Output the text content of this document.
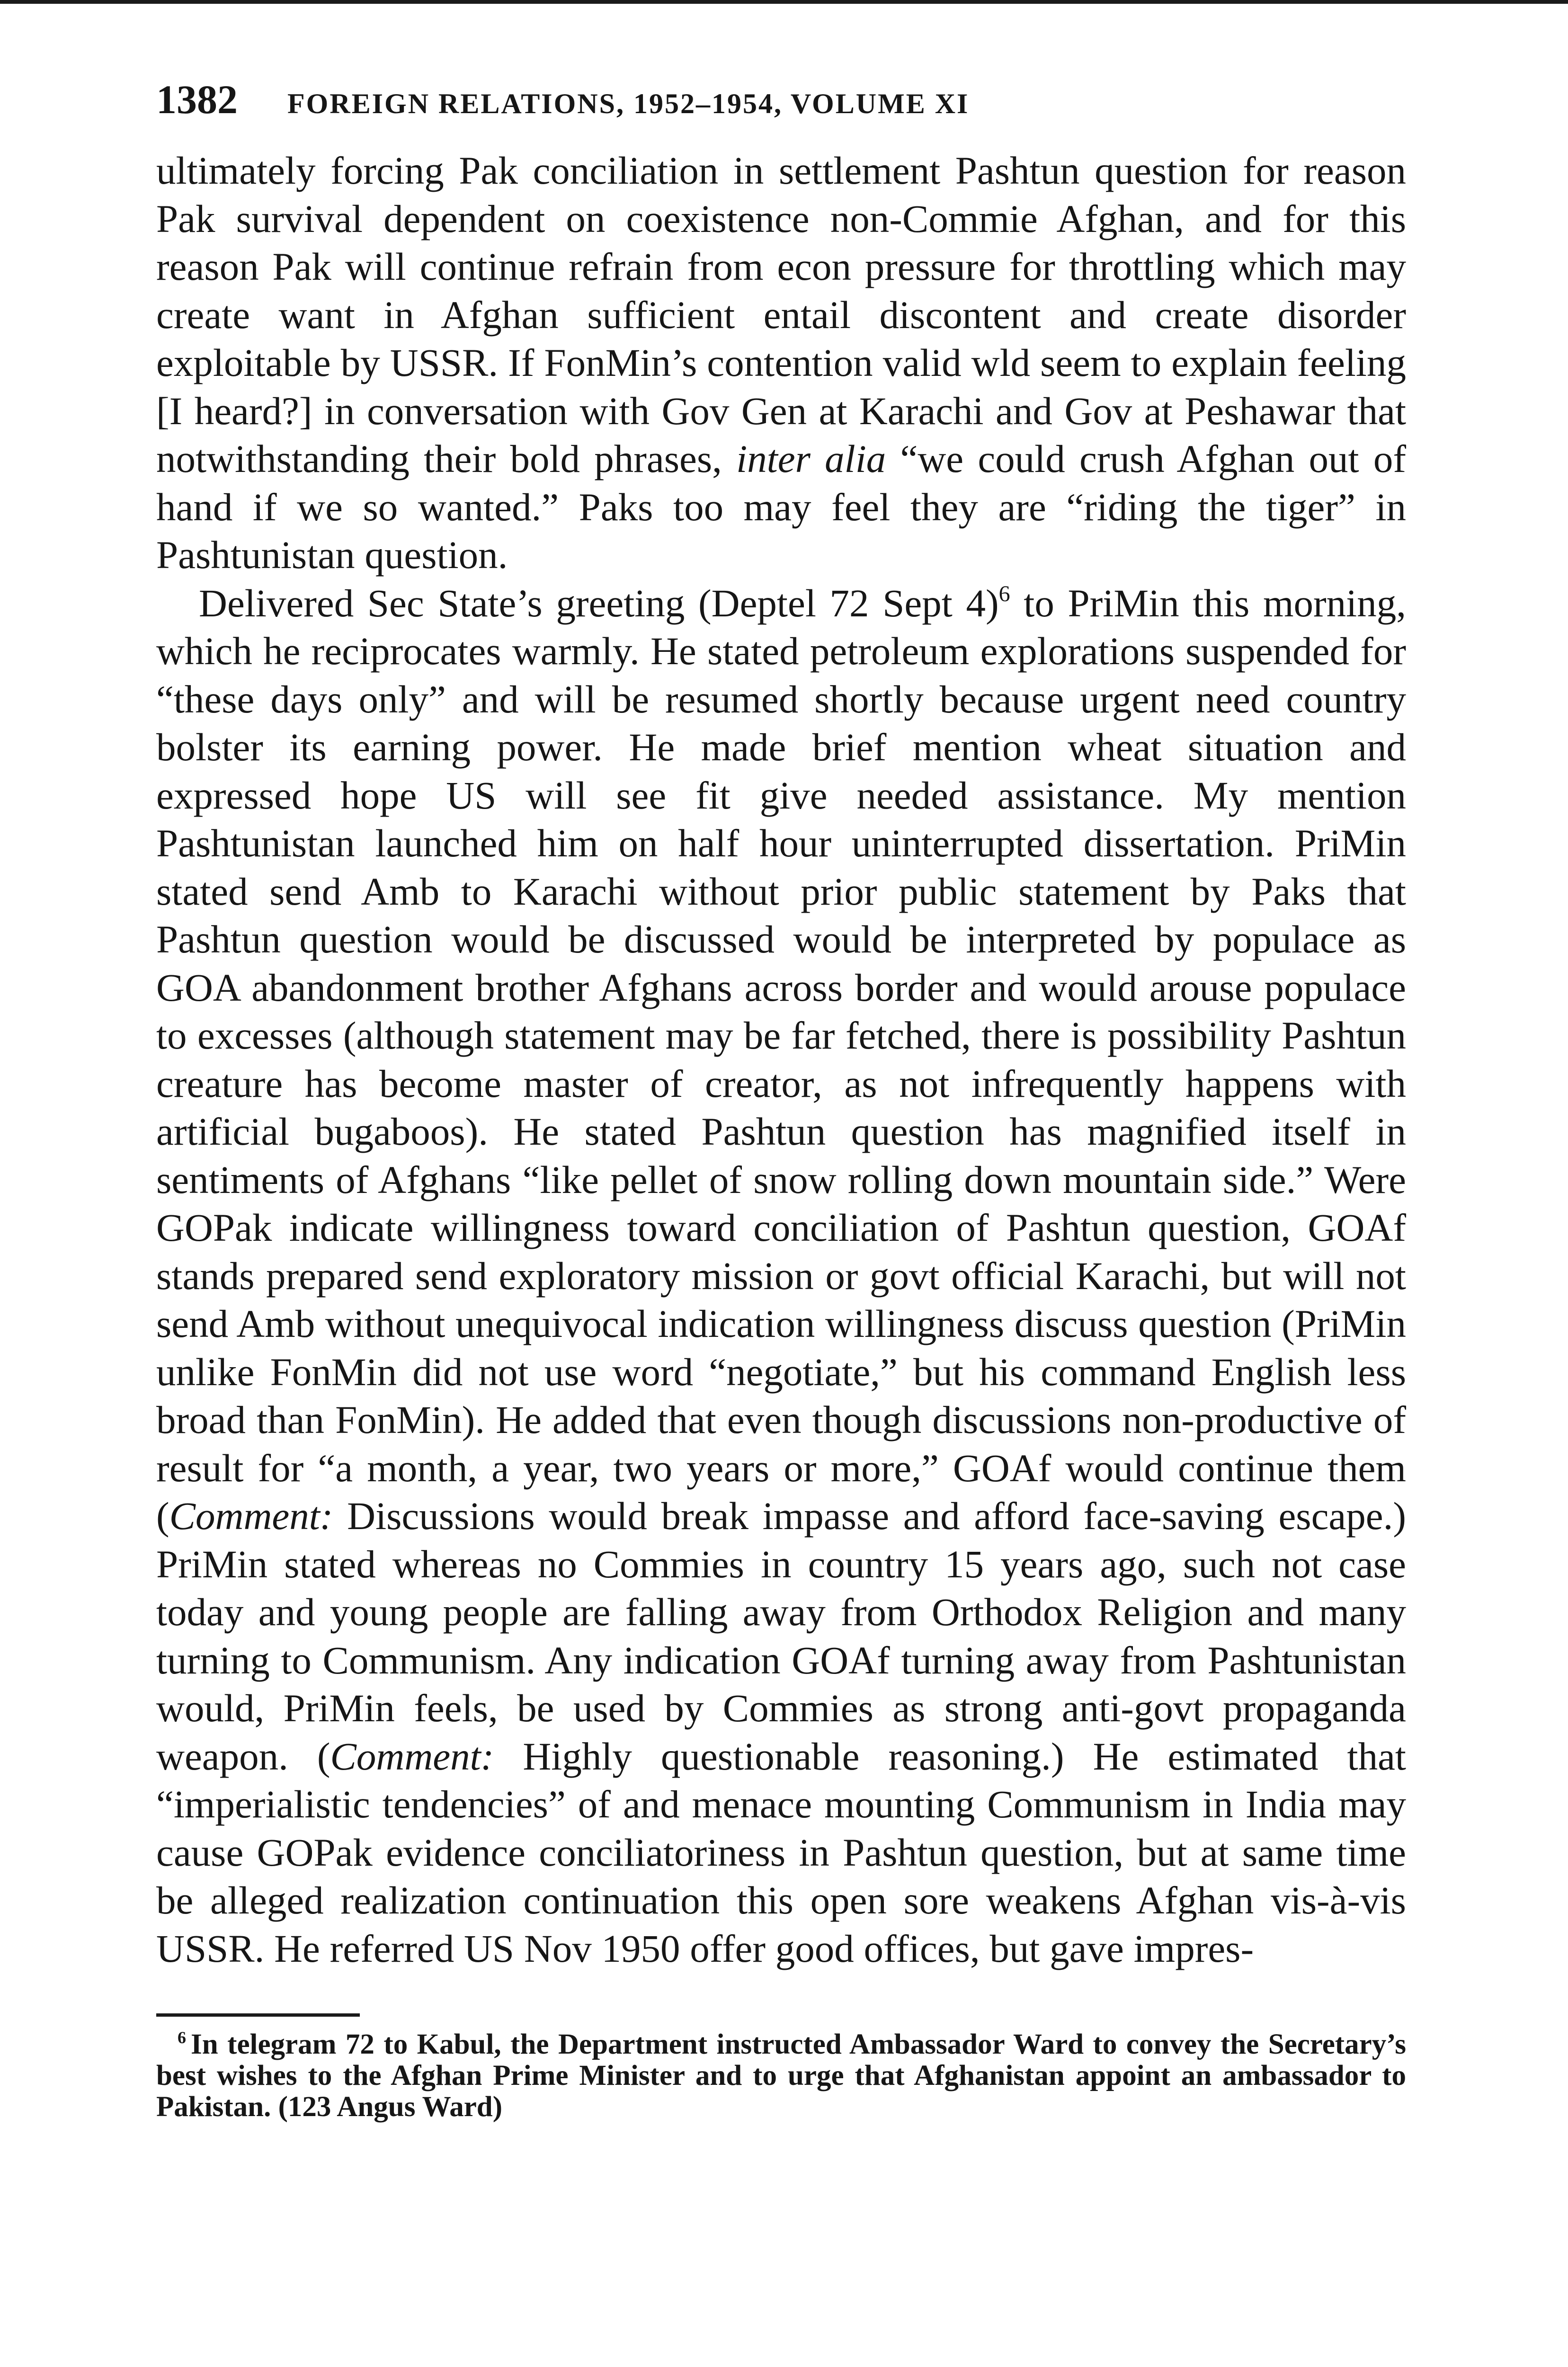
1382 FOREIGN RELATIONS, 1952–1954, VOLUME XI

ultimately forcing Pak conciliation in settlement Pashtun question for reason Pak survival dependent on coexistence non-Commie Afghan, and for this reason Pak will continue refrain from econ pressure for throttling which may create want in Afghan sufficient entail discontent and create disorder exploitable by USSR. If FonMin’s contention valid wld seem to explain feeling [I heard?] in conversation with Gov Gen at Karachi and Gov at Peshawar that notwithstanding their bold phrases, inter alia “we could crush Afghan out of hand if we so wanted.” Paks too may feel they are “riding the tiger” in Pashtunistan question.

Delivered Sec State’s greeting (Deptel 72 Sept 4)$^6$ to PriMin this morning, which he reciprocates warmly. He stated petroleum explorations suspended for “these days only” and will be resumed shortly because urgent need country bolster its earning power. He made brief mention wheat situation and expressed hope US will see fit give needed assistance. My mention Pashtunistan launched him on half hour uninterrupted dissertation. PriMin stated send Amb to Karachi without prior public statement by Paks that Pashtun question would be discussed would be interpreted by populace as GOA abandonment brother Afghans across border and would arouse populace to excesses (although statement may be far fetched, there is possibility Pashtun creature has become master of creator, as not infrequently happens with artificial bugaboos). He stated Pashtun question has magnified itself in sentiments of Afghans “like pellet of snow rolling down mountain side.” Were GOPak indicate willingness toward conciliation of Pashtun question, GOAf stands prepared send exploratory mission or govt official Karachi, but will not send Amb without unequivocal indication willingness discuss question (PriMin unlike FonMin did not use word “negotiate,” but his command English less broad than FonMin). He added that even though discussions non-productive of result for “a month, a year, two years or more,” GOAf would continue them (Comment: Discussions would break impasse and afford face-saving escape.) PriMin stated whereas no Commies in country 15 years ago, such not case today and young people are falling away from Orthodox Religion and many turning to Communism. Any indication GOAf turning away from Pashtunistan would, PriMin feels, be used by Commies as strong anti-govt propaganda weapon. (Comment: Highly questionable reasoning.) He estimated that “imperialistic tendencies” of and menace mounting Communism in India may cause GOPak evidence conciliatoriness in Pashtun question, but at same time be alleged realization continuation this open sore weakens Afghan vis-à-vis USSR. He referred US Nov 1950 offer good offices, but gave impres-

$^6$ In telegram 72 to Kabul, the Department instructed Ambassador Ward to convey the Secretary’s best wishes to the Afghan Prime Minister and to urge that Afghanistan appoint an ambassador to Pakistan. (123 Angus Ward)
